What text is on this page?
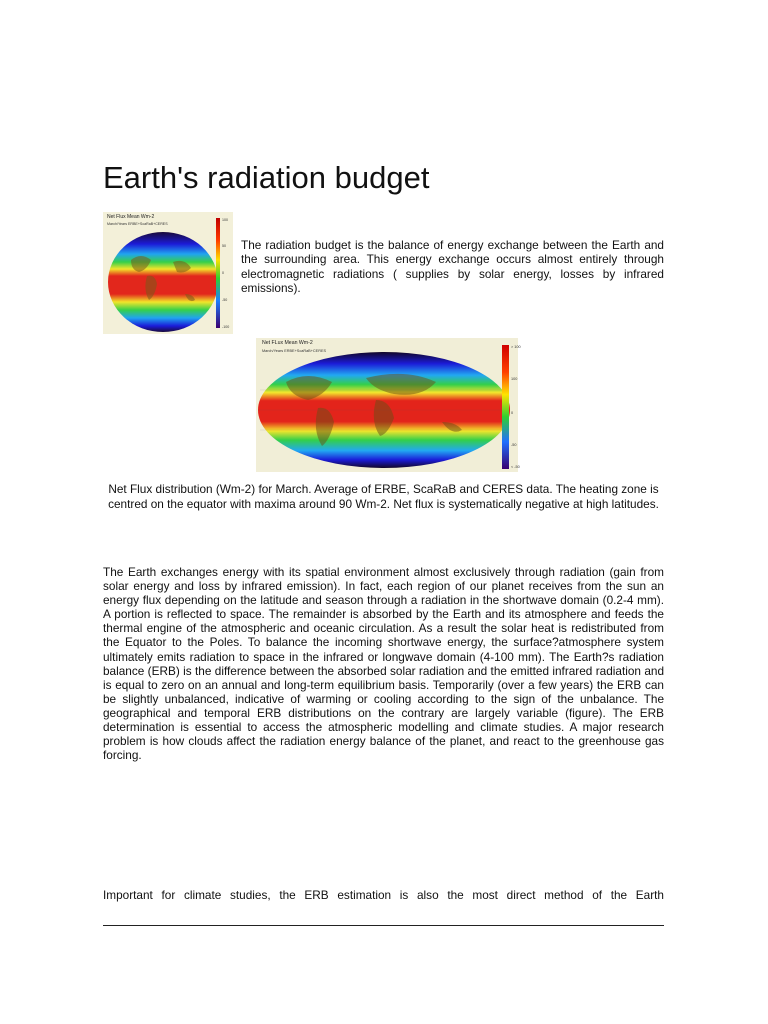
Earth's radiation budget
Net Flux Mean Wm-2
March/Years ERBE+ScaRaB+CERES
100
50
0
-50
-100

The radiation budget is the balance of energy exchange between the Earth and the surrounding area. This energy exchange occurs almost entirely through electromagnetic radiations ( supplies by solar energy, losses by infrared emissions).

Net FLux Mean Wm-2
March/Years ERBE+ScaRaB+CERES
> 100
100
0
-50
< -50

Net Flux distribution (Wm-2) for March. Average of ERBE, ScaRaB and CERES data. The heating zone is centred on the equator with maxima around 90 Wm-2. Net flux is systematically negative at high latitudes.

The Earth exchanges energy with its spatial environment almost exclusively through radiation (gain from solar energy and loss by infrared emission). In fact, each region of our planet receives from the sun an energy flux depending on the latitude and season through a radiation in the shortwave domain (0.2-4 mm). A portion is reflected to space. The remainder is absorbed by the Earth and its atmosphere and feeds the thermal engine of the atmospheric and oceanic circulation. As a result the solar heat is redistributed from the Equator to the Poles. To balance the incoming shortwave energy, the surface?atmosphere system ultimately emits radiation to space in the infrared or longwave domain (4-100 mm). The Earth?s radiation balance (ERB) is the difference between the absorbed solar radiation and the emitted infrared radiation and is equal to zero on an annual and long-term equilibrium basis. Temporarily (over a few years) the ERB can be slightly unbalanced, indicative of warming or cooling according to the sign of the unbalance. The geographical and temporal ERB distributions on the contrary are largely variable (figure). The ERB determination is essential to access the atmospheric modelling and climate studies. A major research problem is how clouds affect the radiation energy balance of the planet, and react to the greenhouse gas forcing.

Important for climate studies, the ERB estimation is also the most direct method of the Earth
